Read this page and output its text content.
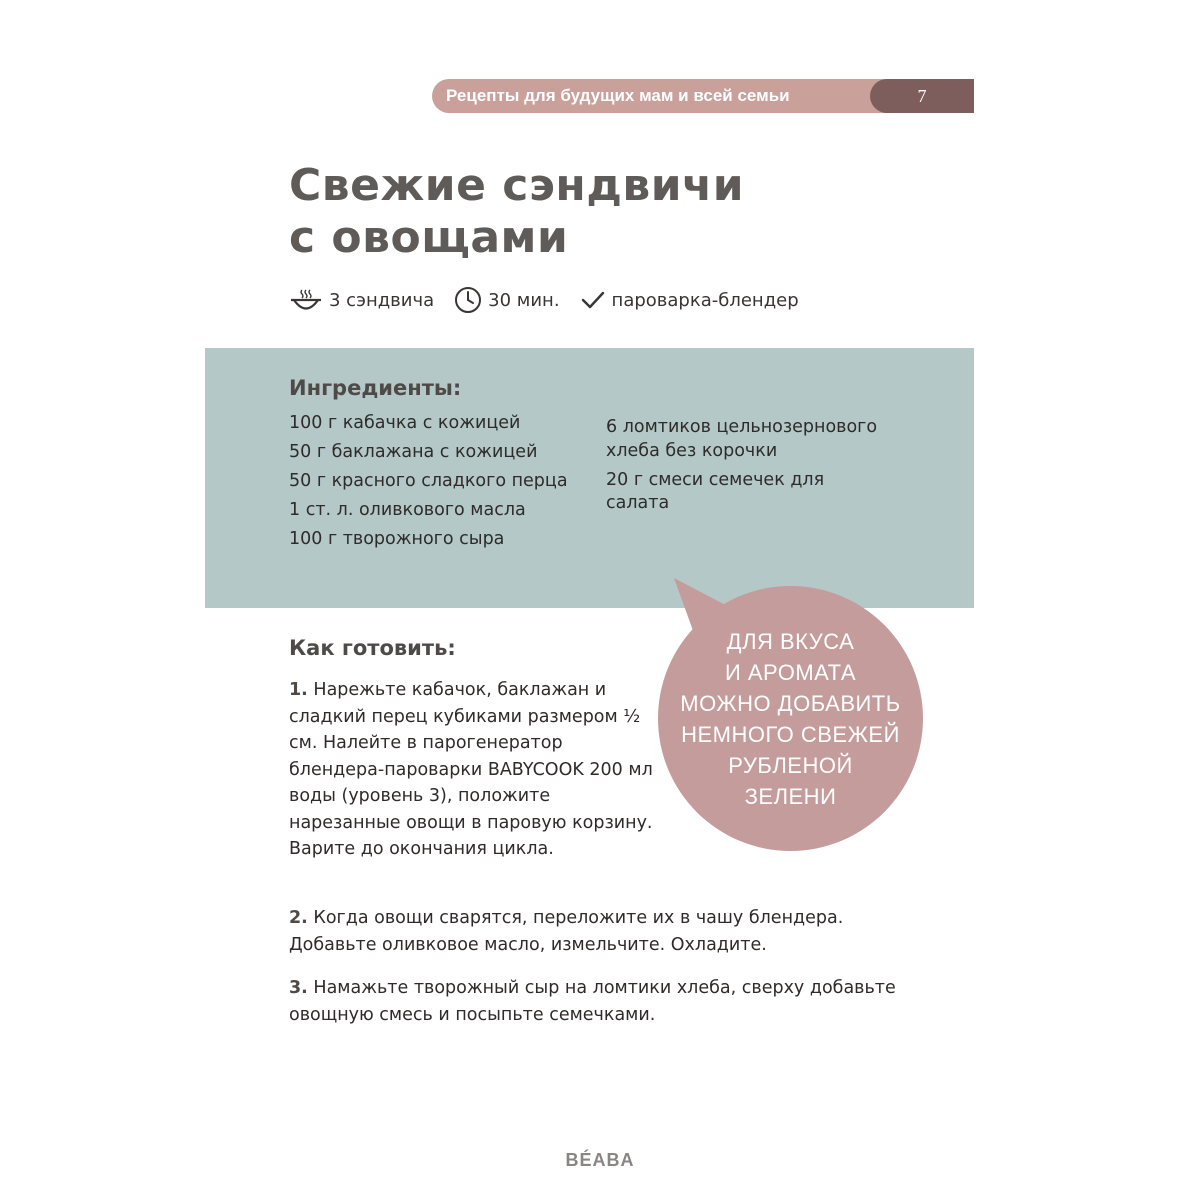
Рецепты для будущих мам и всей семьи	7
Свежие сэндвичи
с овощами
3 сэндвича	30 мин.	пароварка-блендер
Ингредиенты:
100 г кабачка с кожицей
50 г баклажана с кожицей
50 г красного сладкого перца
1 ст. л. оливкового масла
100 г творожного сыра
6 ломтиков цельнозернового хлеба без корочки
20 г смеси семечек для салата
Как готовить:

1. Нарежьте кабачок, баклажан и сладкий перец кубиками размером ½ см. Налейте в парогенератор блендера-пароварки BABYCOOK 200 мл воды (уровень 3), положите нарезанные овощи в паровую корзину. Варите до окончания цикла.

2. Когда овощи сварятся, переложите их в чашу блендера. Добавьте оливковое масло, измельчите. Охладите.

3. Намажьте творожный сыр на ломтики хлеба, сверху добавьте овощную смесь и посыпьте семечками.

ДЛЯ ВКУСА
И АРОМАТА
МОЖНО ДОБАВИТЬ
НЕМНОГО СВЕЖЕЙ
РУБЛЕНОЙ
ЗЕЛЕНИ
BÉABA
